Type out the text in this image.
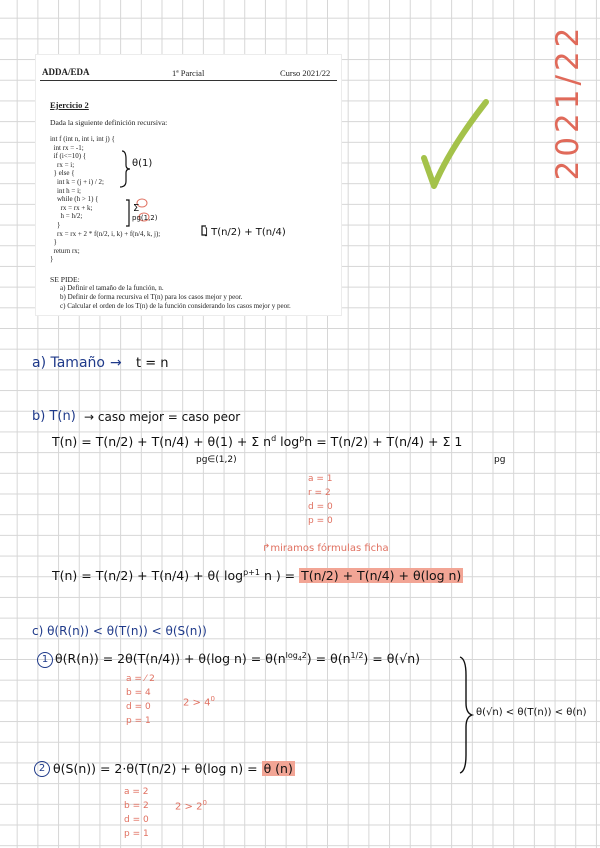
ADDA/EDA	1ª Parcial	Curso 2021/22
Ejercicio 2
Dada la siguiente definición recursiva:
int f (int n, int i, int j) {
int rx = -1;
if (i<=10) {
rx = i;
} else {
int k = (j + i) / 2;
int h = i;
while (h > 1) {
rx = rx + k;
h = h/2;
}
rx = rx + 2 * f(n/2, i, k) + f(n/4, k, j);
}
return rx;
}
θ(1)
Σ
pg(1,2)
] T(n/2) + T(n/4)
SE PIDE:
a) Definir el tamaño de la función, n.
b) Definir de forma recursiva el T(n) para los casos mejor y peor.
c) Calcular el orden de los T(n) de la función considerando los casos mejor y peor.
2021/22
a) Tamaño → t = n
b) T(n) → caso mejor = caso peor
T(n) = T(n/2) + T(n/4) + θ(1) + Σ $n^d$ $\log^pn = T(n/2) + T(n/4) + \Sigma$ 1
pg∈(1,2)	pg
a = 1
r = 2
d = 0
p = 0
↱miramos fórmulas ficha
T(n) = T(n/2) + T(n/4) + θ( $\log^{p+1} n$ ) = T(n/2) + T(n/4) + θ(log n)
c) θ(R(n)) < θ(T(n)) < θ(S(n))
1 θ(R(n)) = 2θ(T(n/4)) + θ(log $n) = \theta(n^{log_42}) = \theta(n^{1/2}) = \theta(√n)$
a = ⁄ 2
b = 4
d = 0
p = 1
$2 > 4^0$
θ(√n) < θ(T(n)) < θ(n)
2 θ(S(n)) = 2·θ(T(n/2) + θ(log n) = θ (n)
a = 2
b = 2
d = 0
p = 1
$2 > 2^0$
